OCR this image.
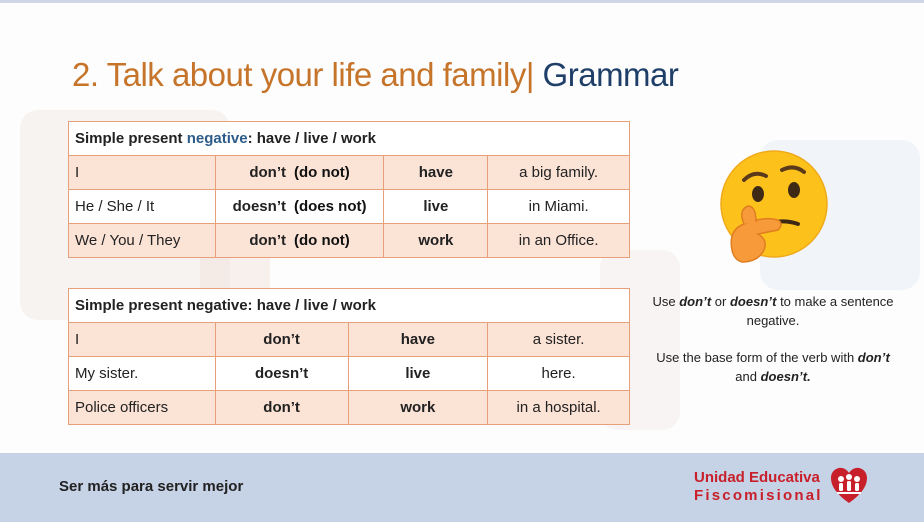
2. Talk about your life and family| Grammar
Simple present negative: have / live / work			
I	don’t (do not)	have	a big family.
He / She / It	doesn’t (does not)	live	in Miami.
We / You / They	don’t (do not)	work	in an Office.
Simple present negative: have / live / work			
I	don’t	have	a sister.
My sister.	doesn’t	live	here.
Police officers	don’t	work	in a hospital.
Use don’t or doesn’t to make a sentence negative.
Use the base form of the verb with don’t and doesn’t.
Ser más para servir mejor
Unidad Educativa
Fiscomisional
